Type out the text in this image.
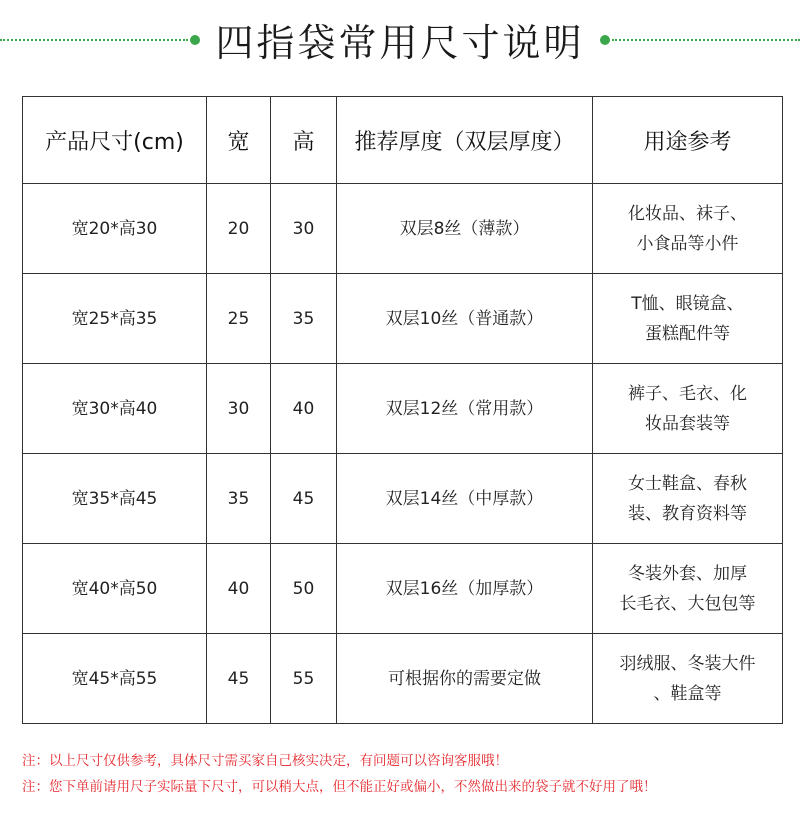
四指袋常用尺寸说明
产品尺寸(cm)	宽	高	推荐厚度（双层厚度）	用途参考
宽20*高30	20	30	双层8丝（薄款）	化妆品、袜子、
小食品等小件

宽25*高35	25	35	双层10丝（普通款）	T恤、眼镜盒、
蛋糕配件等

宽30*高40	30	40	双层12丝（常用款）	裤子、毛衣、化
妆品套装等

宽35*高45	35	45	双层14丝（中厚款）	女士鞋盒、春秋
装、教育资料等

宽40*高50	40	50	双层16丝（加厚款）	冬装外套、加厚
长毛衣、大包包等

宽45*高55	45	55	可根据你的需要定做	羽绒服、冬装大件
、鞋盒等
注：以上尺寸仅供参考，具体尺寸需买家自己核实决定，有问题可以咨询客服哦！
注：您下单前请用尺子实际量下尺寸，可以稍大点，但不能正好或偏小，不然做出来的袋子就不好用了哦！
